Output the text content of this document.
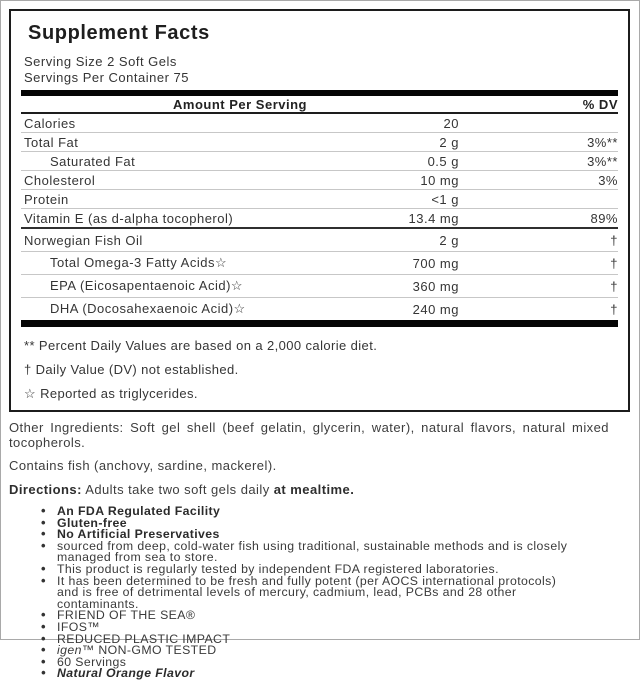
Supplement Facts
Serving Size 2 Soft Gels
Servings Per Container 75
Amount Per Serving	% DV
Calories	20
Total Fat	2 g	3%**
Saturated Fat	0.5 g	3%**
Cholesterol	10 mg	3%
Protein	<1 g
Vitamin E (as d-alpha tocopherol)	13.4 mg	89%
Norwegian Fish Oil	2 g	†
Total Omega-3 Fatty Acids☆	700 mg	†
EPA (Eicosapentaenoic Acid)☆	360 mg	†
DHA (Docosahexaenoic Acid)☆	240 mg	†

** Percent Daily Values are based on a 2,000 calorie diet.

† Daily Value (DV) not established.

☆ Reported as triglycerides.

Other Ingredients: Soft gel shell (beef gelatin, glycerin, water), natural flavors, natural mixed tocopherols.

Contains fish (anchovy, sardine, mackerel).

Directions: Adults take two soft gels daily at mealtime.

• An FDA Regulated Facility
• Gluten-free
• No Artificial Preservatives
• sourced from deep, cold-water fish using traditional, sustainable methods and is closely managed from sea to store.
• This product is regularly tested by independent FDA registered laboratories.
• It has been determined to be fresh and fully potent (per AOCS international protocols) and is free of detrimental levels of mercury, cadmium, lead, PCBs and 28 other contaminants.
• FRIEND OF THE SEA®
• IFOS™
• REDUCED PLASTIC IMPACT
• igen™ NON-GMO TESTED
• 60 Servings
• Natural Orange Flavor
